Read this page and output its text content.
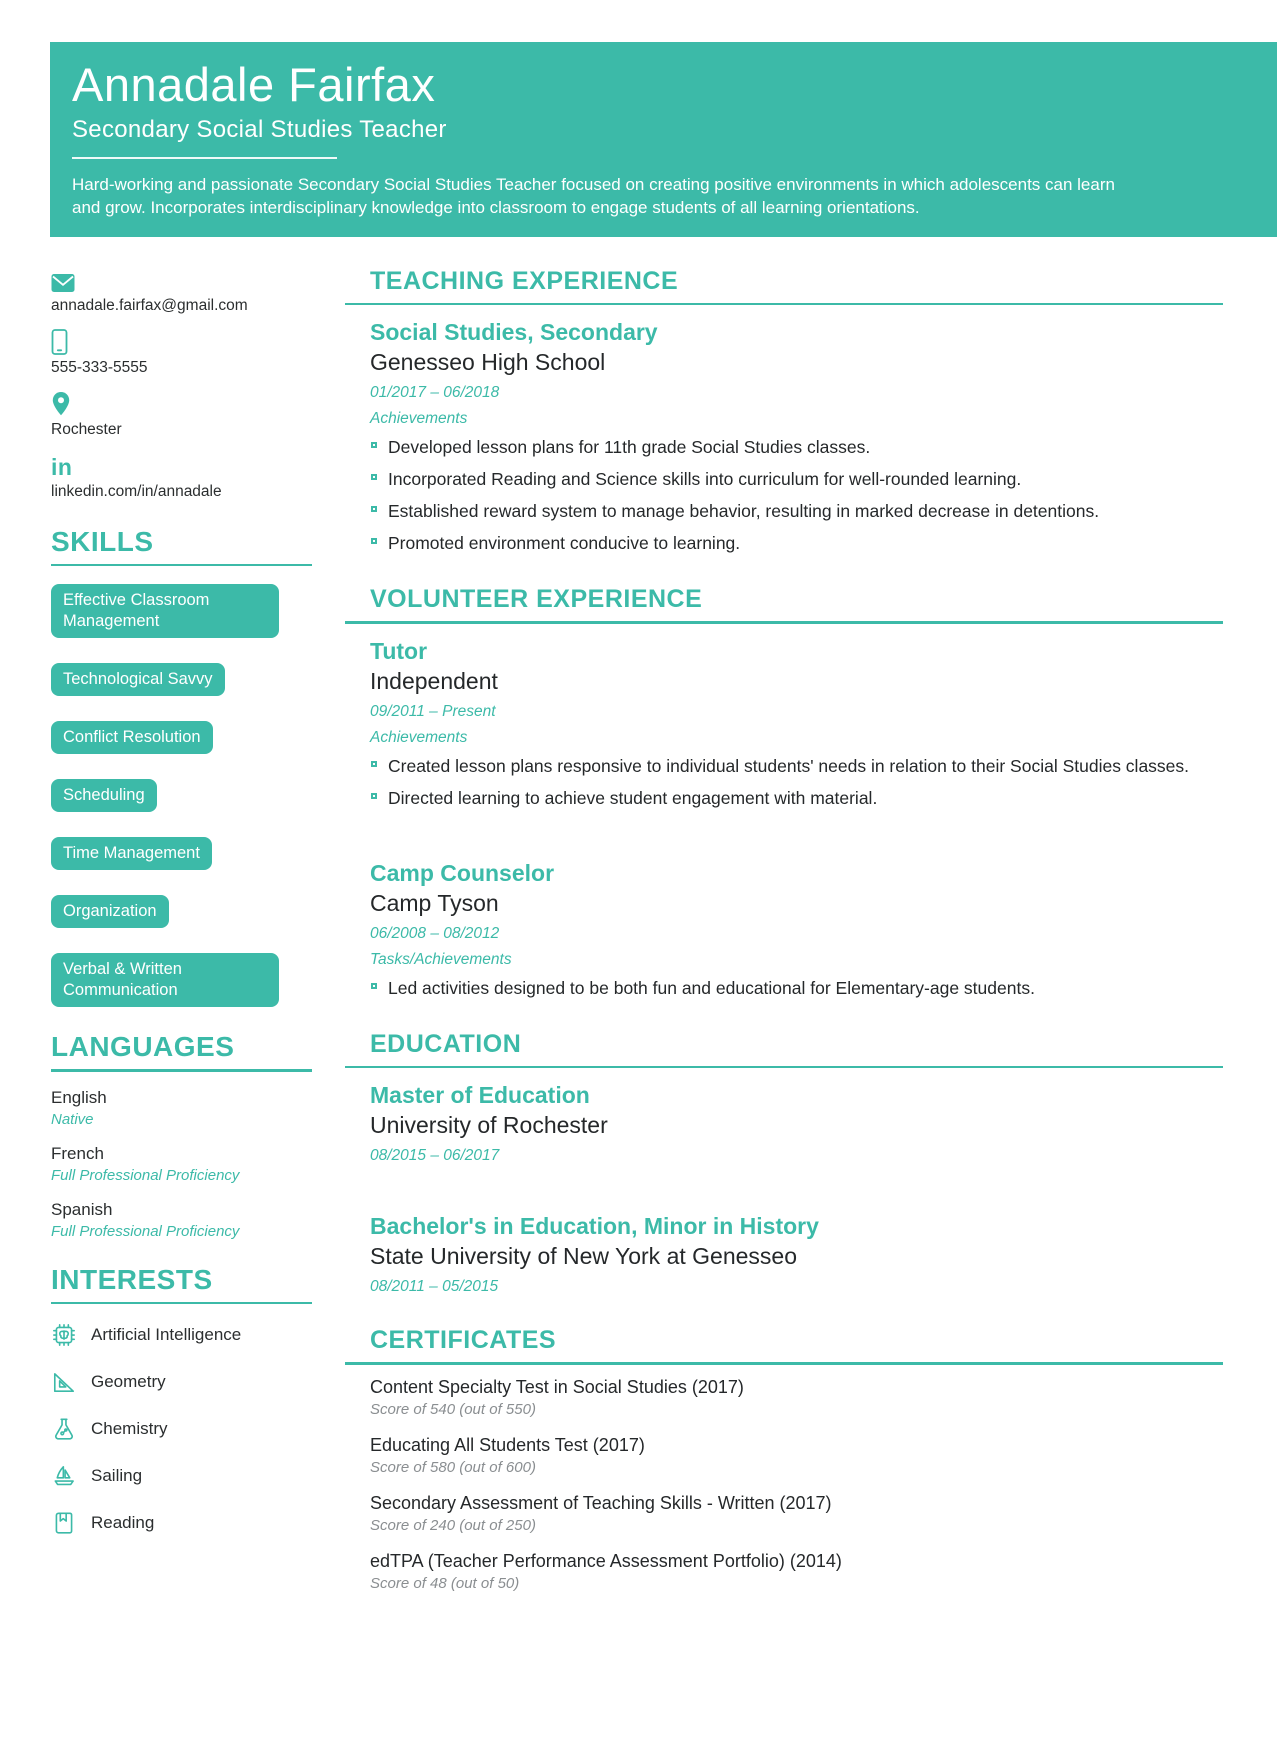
Annadale Fairfax
Secondary Social Studies Teacher

Hard-working and passionate Secondary Social Studies Teacher focused on creating positive environments in which adolescents can learn and grow. Incorporates interdisciplinary knowledge into classroom to engage students of all learning orientations.

annadale.fairfax@gmail.com
555-333-5555
Rochester
in
linkedin.com/in/annadale
SKILLS
Effective Classroom Management
Technological Savvy
Conflict Resolution
Scheduling
Time Management
Organization
Verbal & Written Communication
LANGUAGES
English
Native
French
Full Professional Proficiency
Spanish
Full Professional Proficiency
INTERESTS
Artificial Intelligence
Geometry
Chemistry
Sailing
Reading
TEACHING EXPERIENCE
Social Studies, Secondary
Genesseo High School
01/2017 – 06/2018
Achievements
Developed lesson plans for 11th grade Social Studies classes.
Incorporated Reading and Science skills into curriculum for well-rounded learning.
Established reward system to manage behavior, resulting in marked decrease in detentions.
Promoted environment conducive to learning.
VOLUNTEER EXPERIENCE
Tutor
Independent
09/2011 – Present
Achievements
Created lesson plans responsive to individual students' needs in relation to their Social Studies classes.
Directed learning to achieve student engagement with material.
Camp Counselor
Camp Tyson
06/2008 – 08/2012
Tasks/Achievements
Led activities designed to be both fun and educational for Elementary-age students.
EDUCATION
Master of Education
University of Rochester
08/2015 – 06/2017
Bachelor's in Education, Minor in History
State University of New York at Genesseo
08/2011 – 05/2015
CERTIFICATES
Content Specialty Test in Social Studies (2017)
Score of 540 (out of 550)
Educating All Students Test (2017)
Score of 580 (out of 600)
Secondary Assessment of Teaching Skills - Written (2017)
Score of 240 (out of 250)
edTPA (Teacher Performance Assessment Portfolio) (2014)
Score of 48 (out of 50)
